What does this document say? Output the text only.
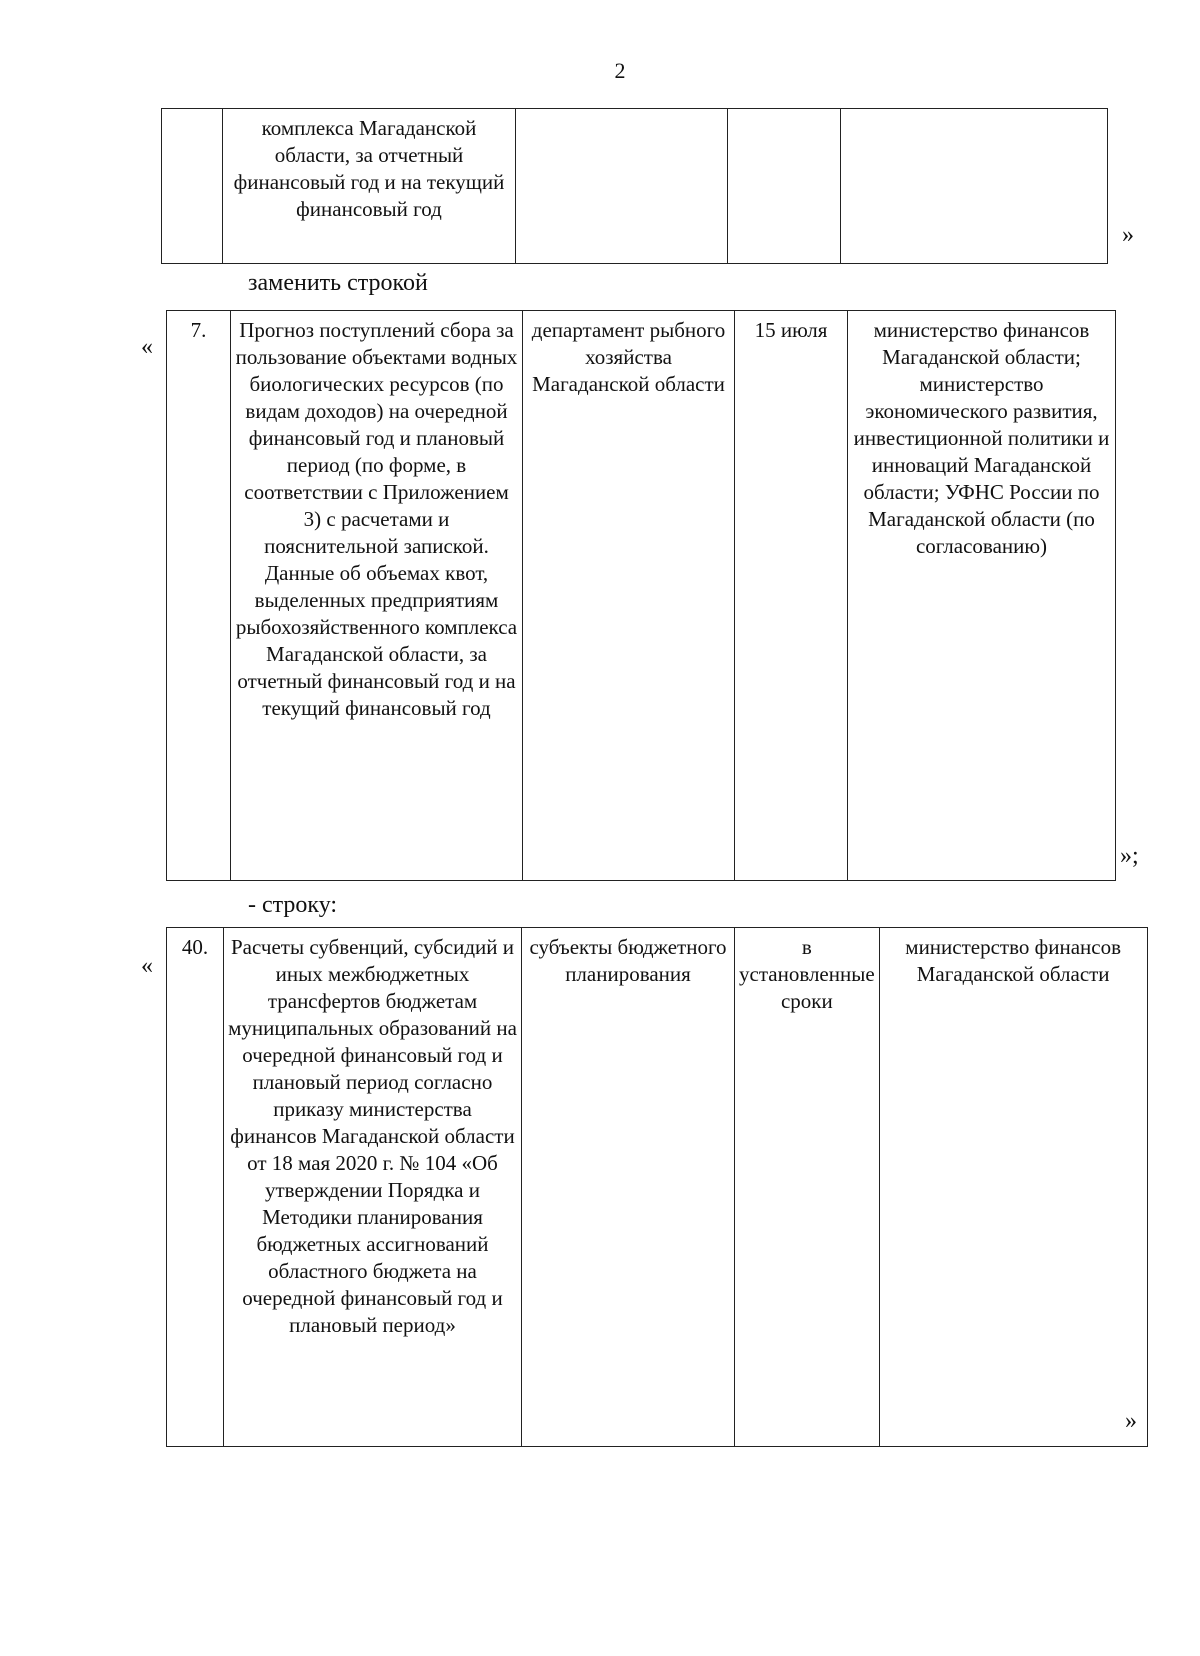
2
	комплекса Магаданской области, за отчетный финансовый год и на текущий финансовый год			
»
заменить строкой
«
7.	Прогноз поступлений сбора за пользование объектами водных биологических ресурсов (по видам доходов) на очередной финансовый год и плановый период (по форме, в соответствии с Приложением 3) с расчетами и пояснительной запиской. Данные об объемах квот, выделенных предприятиям рыбохозяйственного комплекса Магаданской области, за отчетный финансовый год и на текущий финансовый год	департамент рыбного хозяйства Магаданской области	15 июля	министерство финансов Магаданской области; министерство экономического развития, инвестиционной политики и инноваций Магаданской области; УФНС России по Магаданской области (по согласованию)
»;
- строку:
«
40.	Расчеты субвенций, субсидий и иных межбюджетных трансфертов бюджетам муниципальных образований на очередной финансовый год и плановый период согласно приказу министерства финансов Магаданской области от 18 мая 2020 г. № 104 «Об утверждении Порядка и Методики планирования бюджетных ассигнований областного бюджета на очередной финансовый год и плановый период»	субъекты бюджетного планирования	в установленные сроки	министерство финансов Магаданской области
»
